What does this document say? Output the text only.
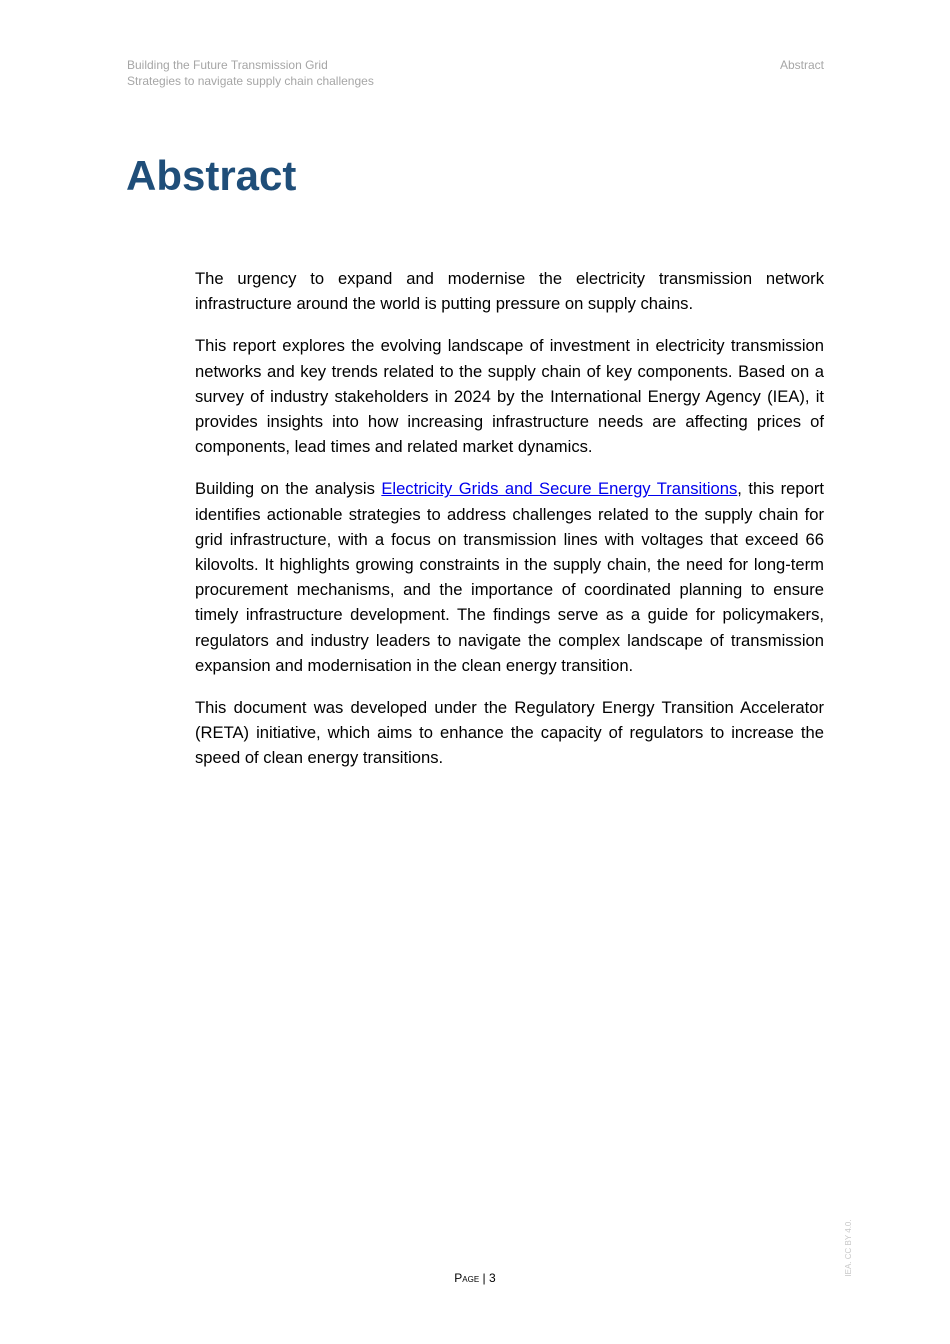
Building the Future Transmission Grid
Strategies to navigate supply chain challenges
Abstract
Abstract

The urgency to expand and modernise the electricity transmission network infrastructure around the world is putting pressure on supply chains.

This report explores the evolving landscape of investment in electricity transmission networks and key trends related to the supply chain of key components. Based on a survey of industry stakeholders in 2024 by the International Energy Agency (IEA), it provides insights into how increasing infrastructure needs are affecting prices of components, lead times and related market dynamics.

Building on the analysis Electricity Grids and Secure Energy Transitions, this report identifies actionable strategies to address challenges related to the supply chain for grid infrastructure, with a focus on transmission lines with voltages that exceed 66 kilovolts. It highlights growing constraints in the supply chain, the need for long-term procurement mechanisms, and the importance of coordinated planning to ensure timely infrastructure development. The findings serve as a guide for policymakers, regulators and industry leaders to navigate the complex landscape of transmission expansion and modernisation in the clean energy transition.

This document was developed under the Regulatory Energy Transition Accelerator (RETA) initiative, which aims to enhance the capacity of regulators to increase the speed of clean energy transitions.

Page | 3
IEA. CC BY 4.0.
